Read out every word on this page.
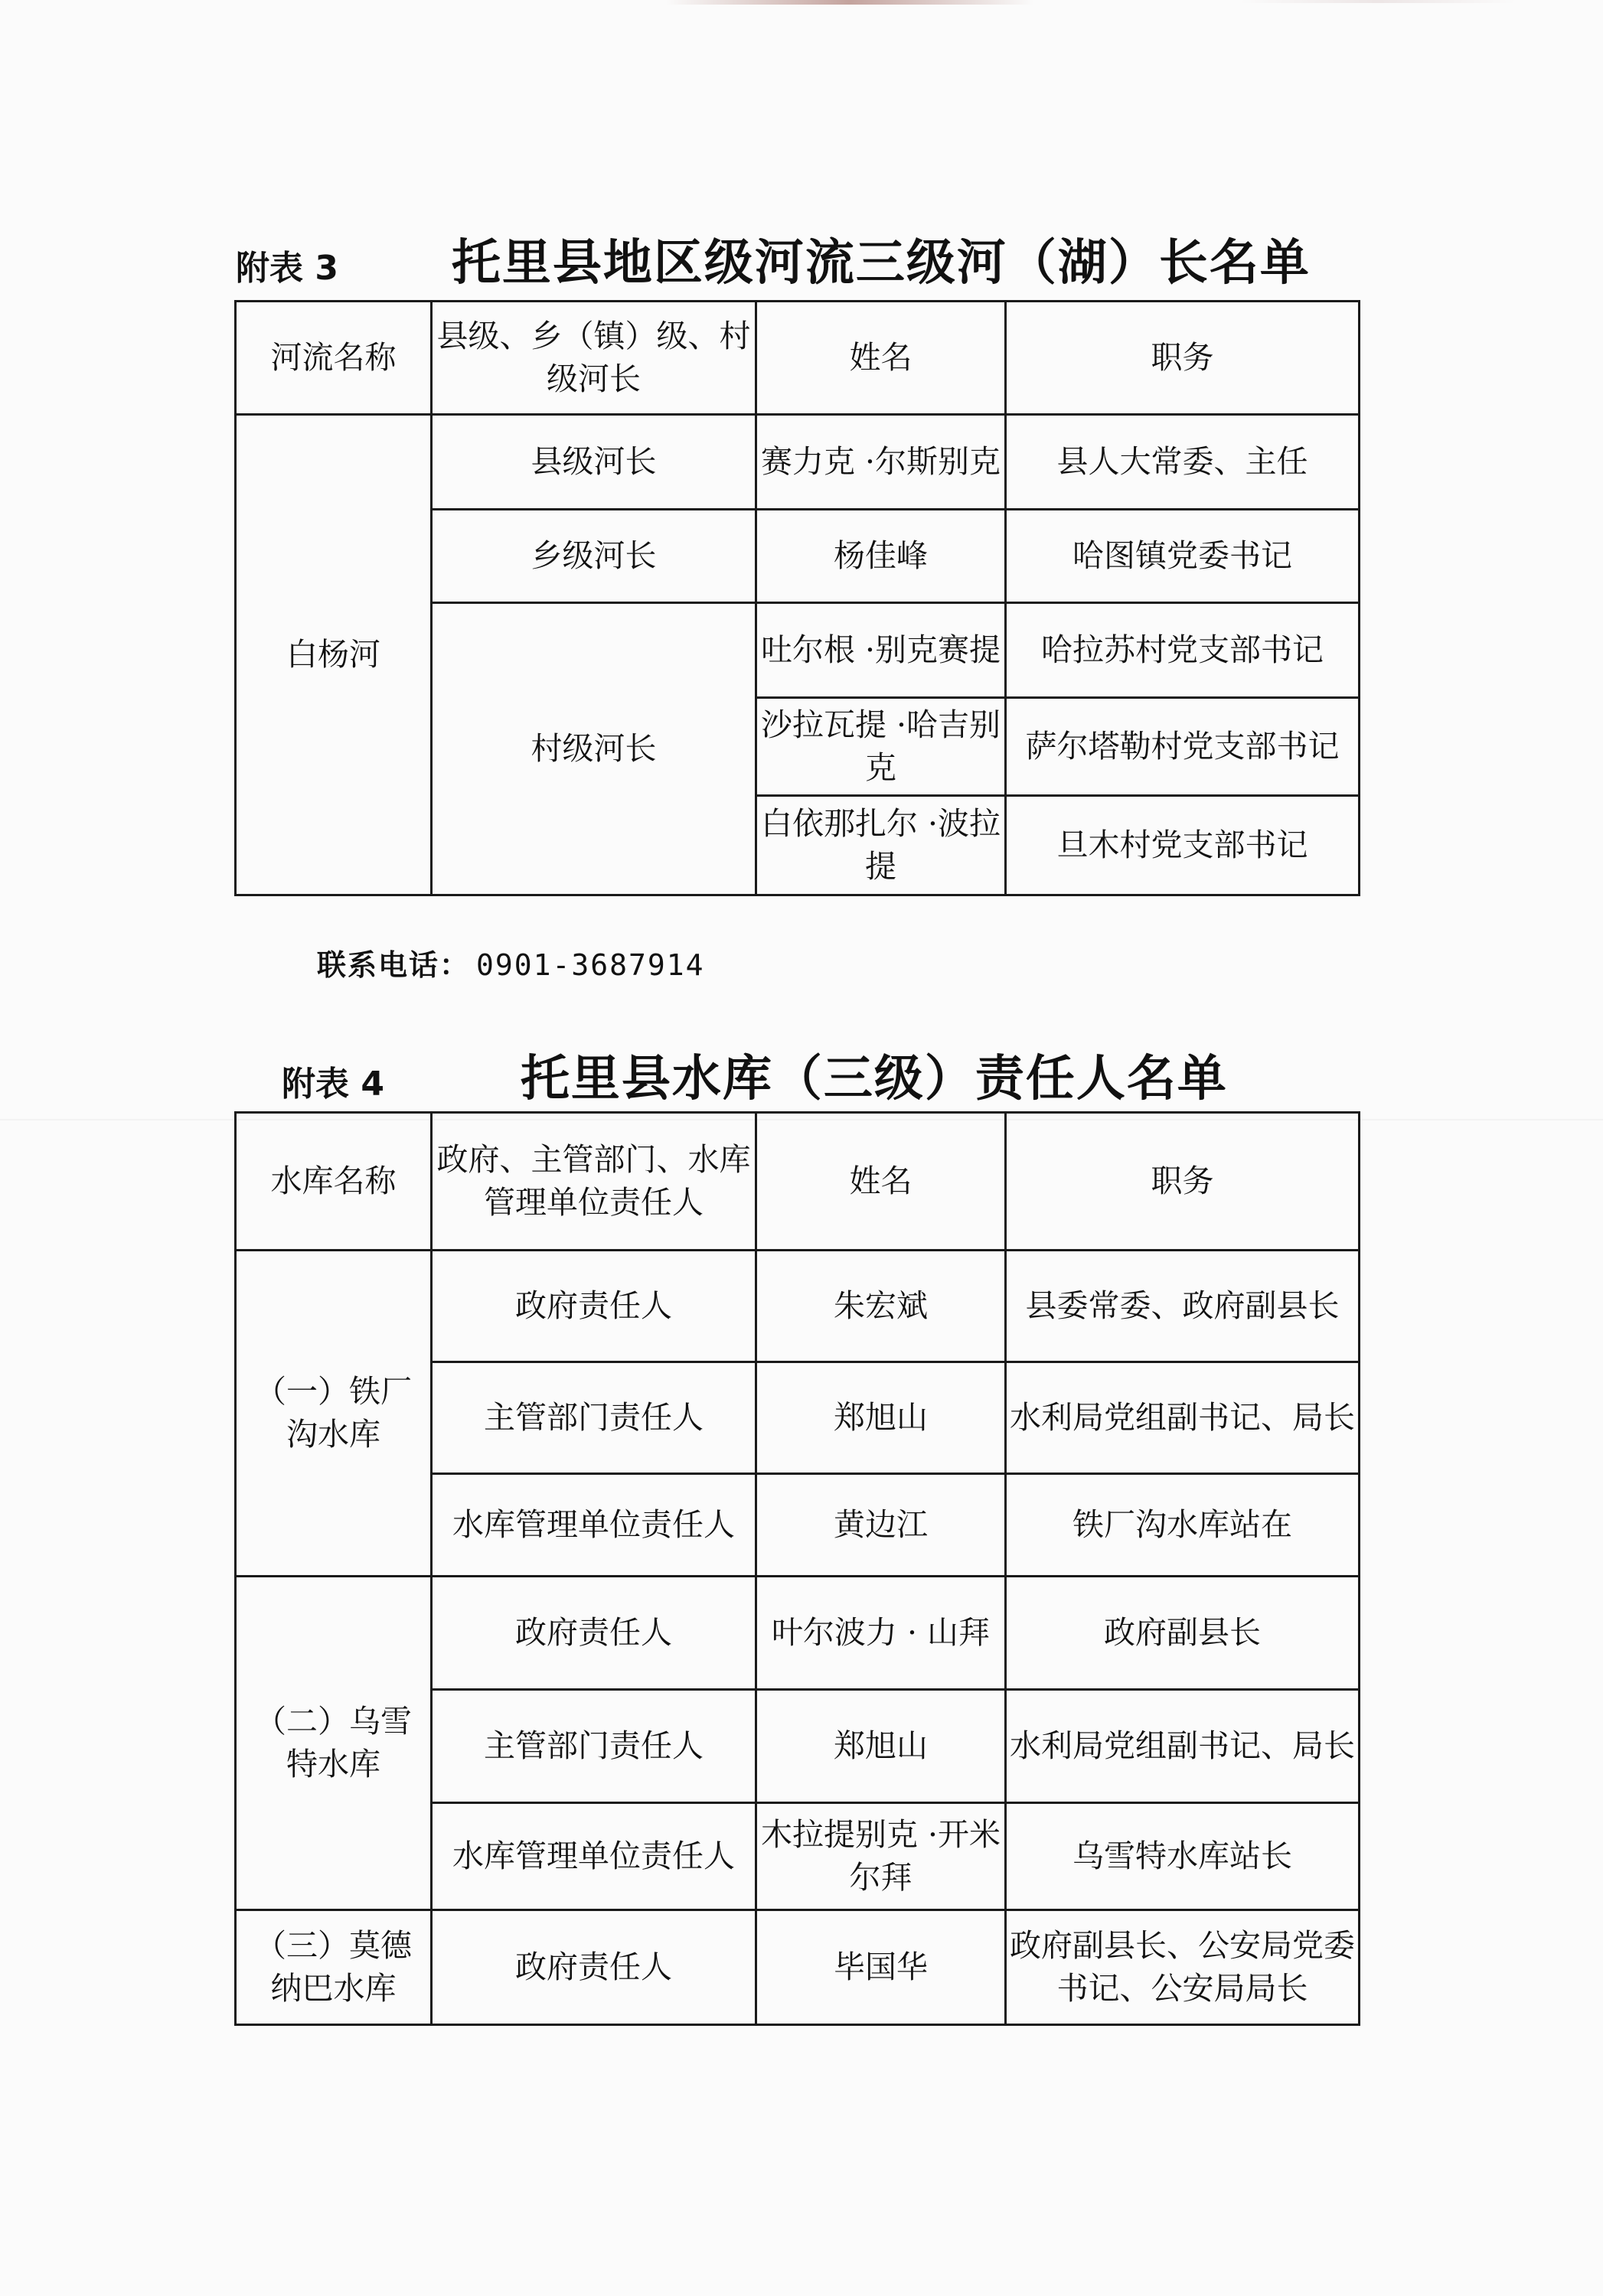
附表 3 托里县地区级河流三级河（湖）长名单
河流名称	县级、乡（镇）级、村级河长	姓名	职务
白杨河	县级河长	赛力克 ·尔斯别克	县人大常委、主任
	乡级河长	杨佳峰	哈图镇党委书记
	村级河长	吐尔根 ·别克赛提	哈拉苏村党支部书记
		沙拉瓦提 ·哈吉别克	萨尔塔勒村党支部书记
		白依那扎尔 ·波拉提	旦木村党支部书记
联系电话： 0901-3687914
附表 4	托里县水库（三级）责任人名单
水库名称	政府、主管部门、水库管理单位责任人	姓名	职务
（一）铁厂沟水库	政府责任人	朱宏斌	县委常委、政府副县长
	主管部门责任人	郑旭山	水利局党组副书记、局长
	水库管理单位责任人	黄边江	铁厂沟水库站在
（二）乌雪特水库	政府责任人	叶尔波力 · 山拜	政府副县长
	主管部门责任人	郑旭山	水利局党组副书记、局长
	水库管理单位责任人	木拉提别克 ·开米尔拜	乌雪特水库站长
（三）莫德纳巴水库	政府责任人	毕国华	政府副县长、公安局党委书记、公安局局长
